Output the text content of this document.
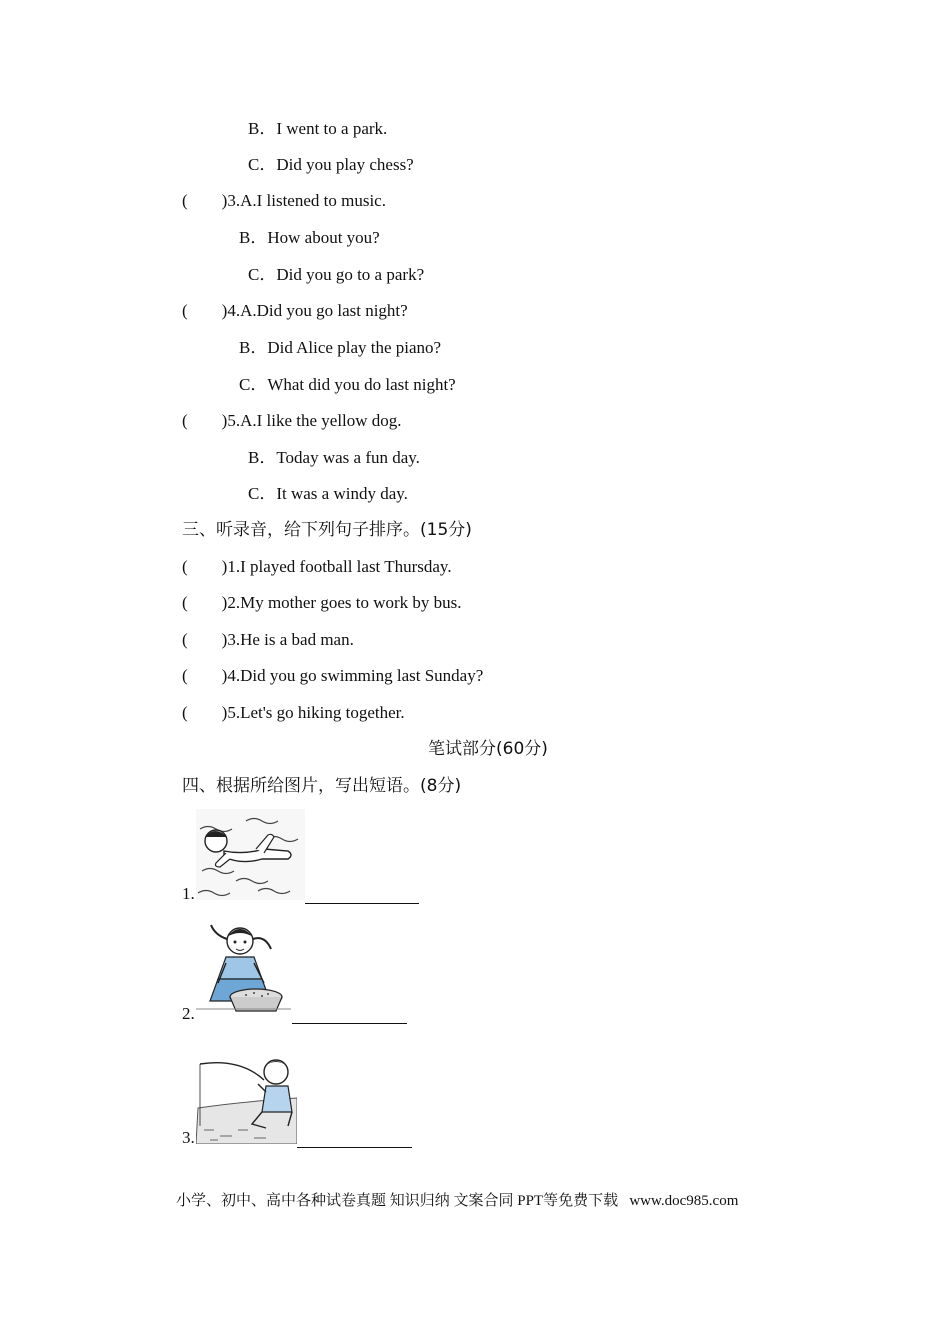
B．I went to a park.
C．Did you play chess?
(　　)3.A.I listened to music.
B．How about you?
C．Did you go to a park?
(　　)4.A.Did you go last night?
B．Did Alice play the piano?
C．What did you do last night?
(　　)5.A.I like the yellow dog.
B．Today was a fun day.
C．It was a windy day.
三、听录音，给下列句子排序。(15分)
(　　)1.I played football last Thursday.
(　　)2.My mother goes to work by bus.
(　　)3.He is a bad man.
(　　)4.Did you go swimming last Sunday?
(　　)5.Let's go hiking together.
笔试部分(60分)
四、根据所给图片，写出短语。(8分)
1.
2.
3.
小学、初中、高中各种试卷真题 知识归纳 文案合同 PPT等免费下载   www.doc985.com
